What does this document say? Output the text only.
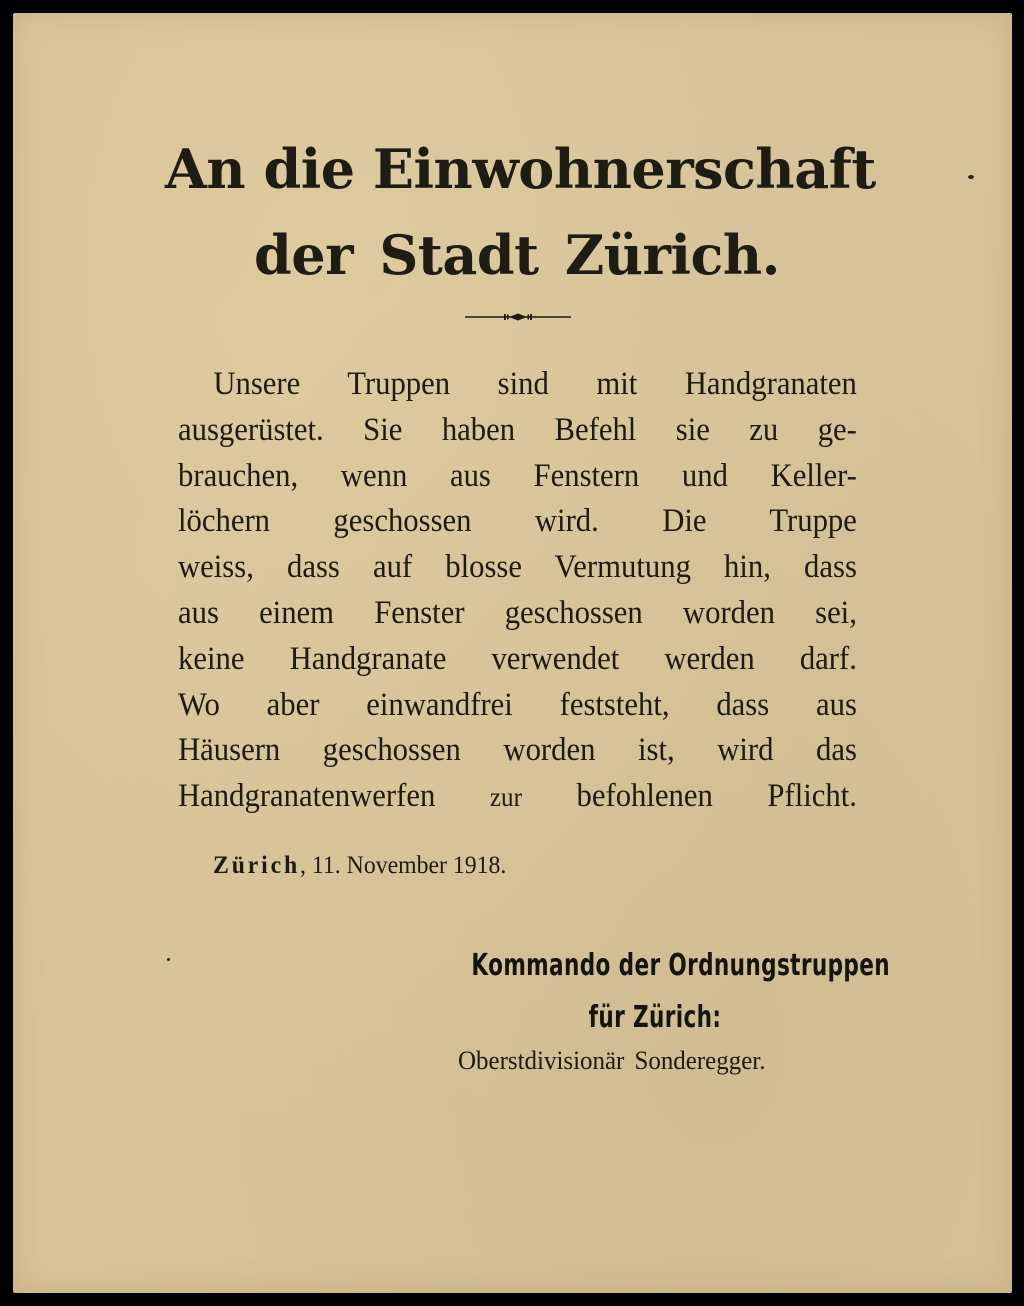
An die Einwohnerschaft
der Stadt Zürich.
Unsere Truppen sind mit Handgranaten
ausgerüstet. Sie haben Befehl sie zu ge-
brauchen, wenn aus Fenstern und Keller-
löchern geschossen wird. Die Truppe
weiss, dass auf blosse Vermutung hin, dass
aus einem Fenster geschossen worden sei,
keine Handgranate verwendet werden darf.
Wo aber einwandfrei feststeht, dass aus
Häusern geschossen worden ist, wird das
Handgranatenwerfen zur befohlenen Pflicht.
Zürich, 11. November 1918.
Kommando der Ordnungstruppen
für Zürich:
Oberstdivisionär Sonderegger.
